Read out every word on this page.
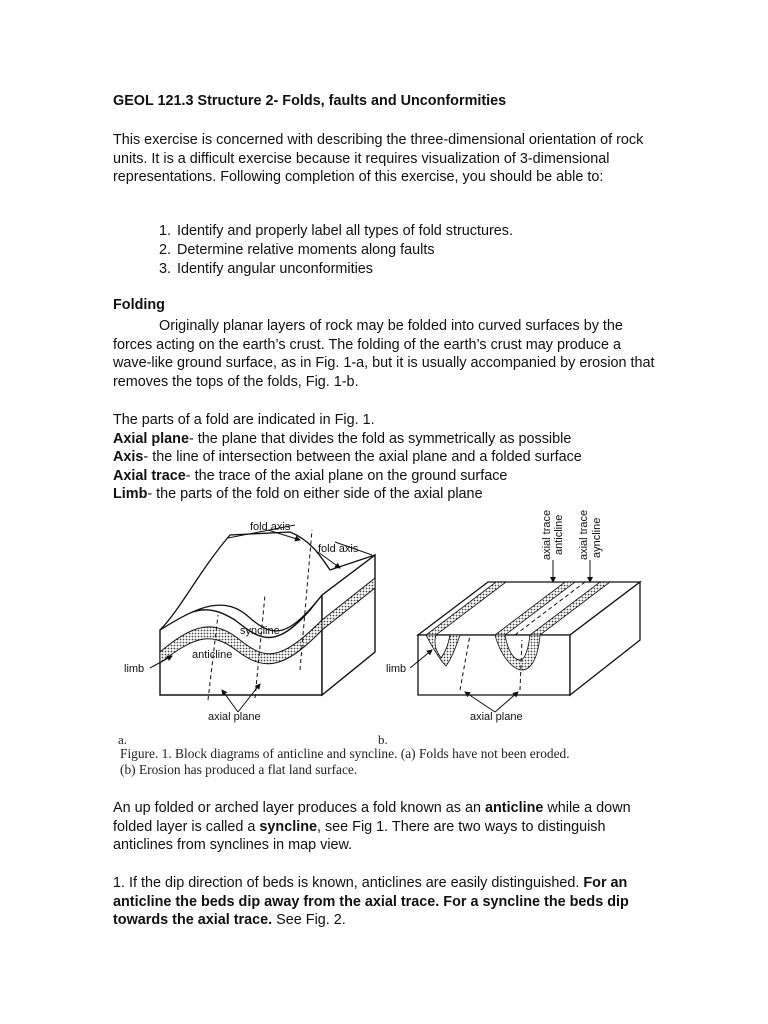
GEOL 121.3 Structure 2- Folds, faults and Unconformities

This exercise is concerned with describing the three-dimensional orientation of rock units. It is a difficult exercise because it requires visualization of 3-dimensional representations. Following completion of this exercise, you should be able to:

1. Identify and properly label all types of fold structures.
2. Determine relative moments along faults
3. Identify angular unconformities
Folding

Originally planar layers of rock may be folded into curved surfaces by the forces acting on the earth’s crust. The folding of the earth’s crust may produce a wave-like ground surface, as in Fig. 1-a, but it is usually accompanied by erosion that removes the tops of the folds, Fig. 1-b.

The parts of a fold are indicated in Fig. 1.
Axial plane- the plane that divides the fold as symmetrically as possible
Axis- the line of intersection between the axial plane and a folded surface
Axial trace- the trace of the axial plane on the ground surface
Limb- the parts of the fold on either side of the axial plane
fold axis
fold axis
syncline
anticline
limb
axial plane
a.
axial trace anticline axial trace ayncline
limb
axial plane
b.
Figure. 1. Block diagrams of anticline and syncline. (a) Folds have not been eroded.
(b) Erosion has produced a flat land surface.

An up folded or arched layer produces a fold known as an anticline while a down folded layer is called a syncline, see Fig 1. There are two ways to distinguish anticlines from synclines in map view.

1. If the dip direction of beds is known, anticlines are easily distinguished. For an anticline the beds dip away from the axial trace. For a syncline the beds dip towards the axial trace. See Fig. 2.
